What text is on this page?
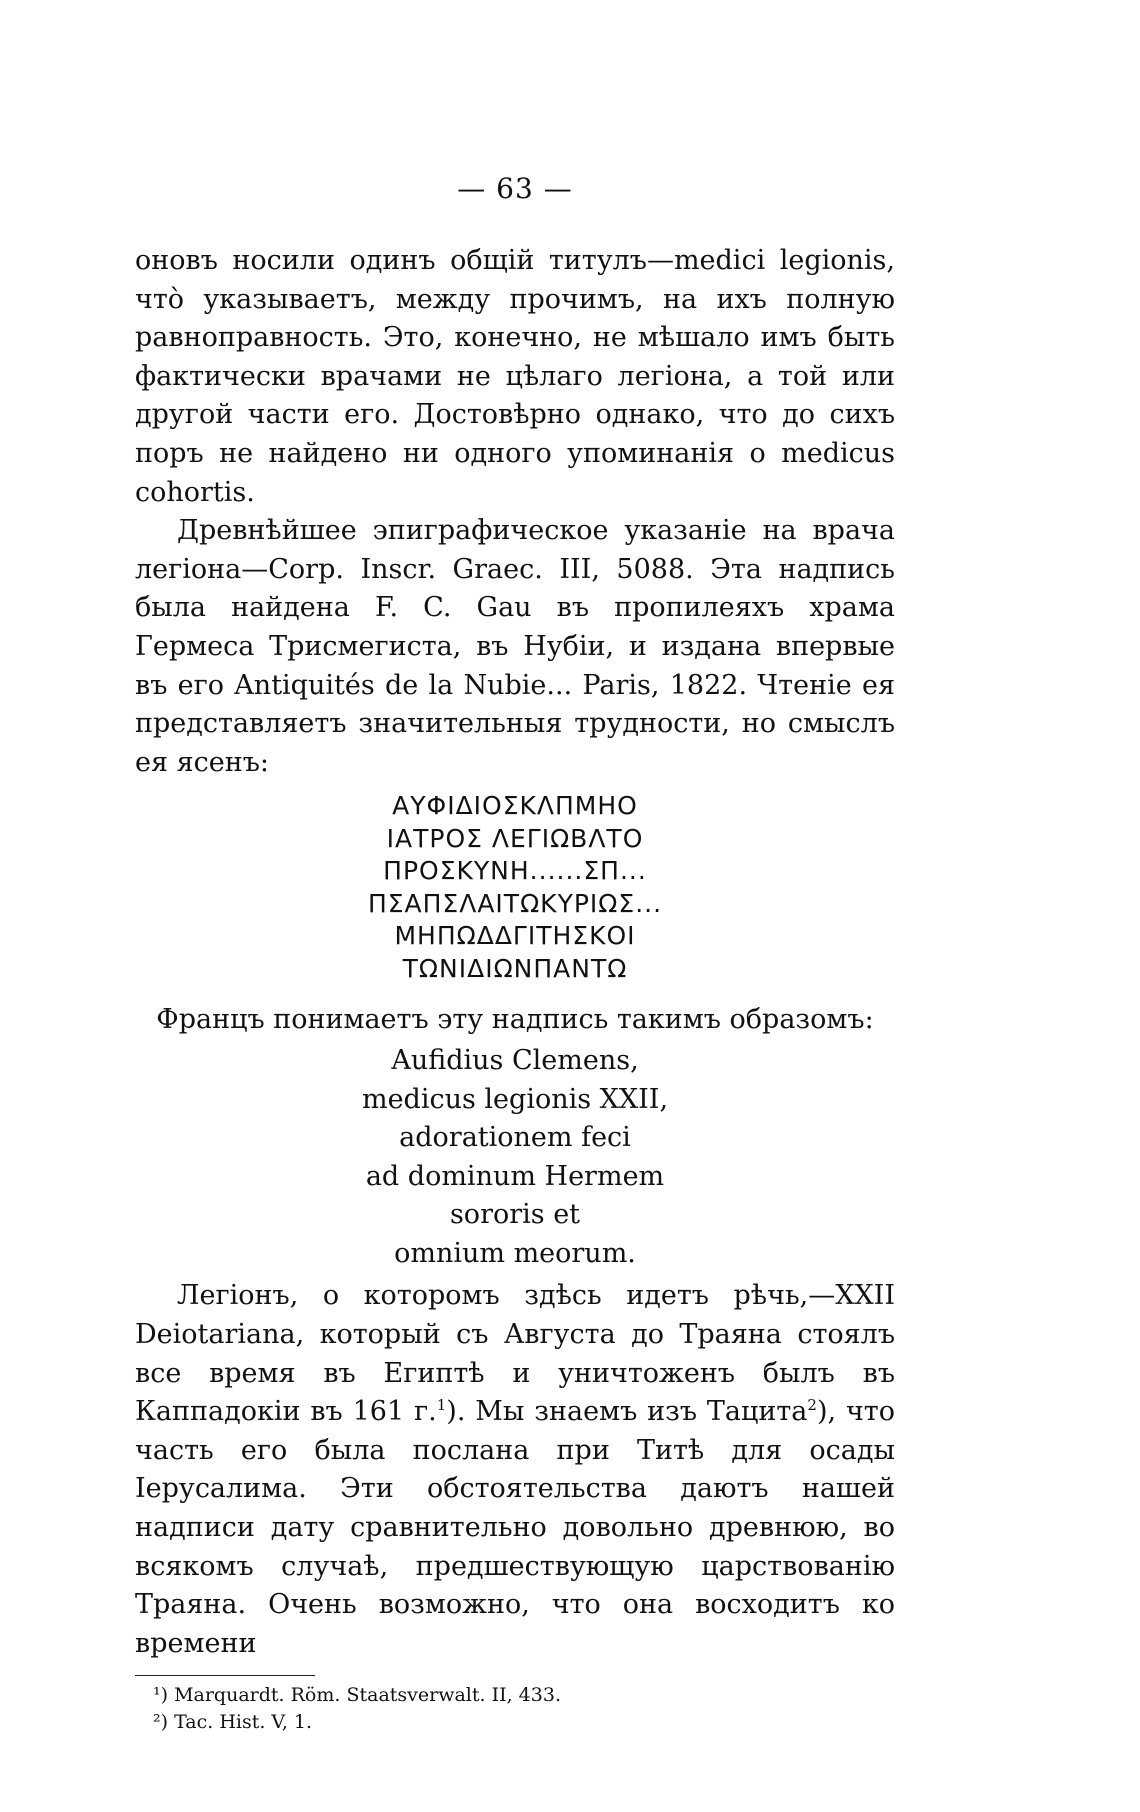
— 63 —

оновъ носили одинъ общій титулъ—medici legionis, что̀ указываетъ, между прочимъ, на ихъ полную равноправность. Это, конечно, не мѣшало имъ быть фактически врачами не цѣлаго легіона, а той или другой части его. Достовѣрно однако, что до сихъ поръ не найдено ни одного упоминанія о medicus cohortis.

Древнѣйшее эпиграфическое указаніе на врача легіона—Corp. Inscr. Graec. III, 5088. Эта надпись была найдена F. C. Gau въ пропилеяхъ храма Гермеса Трисмегиста, въ Нубіи, и издана впервые въ его Antiquités de la Nubie... Paris, 1822. Чтеніе ея представляетъ значительныя трудности, но смыслъ ея ясенъ:

ΑΥΦΙΔΙΟΣΚΛΠΜΗΟ
ΙΑΤΡΟΣ ΛΕΓΙΩΒΛΤΟ
ΠΡΟΣΚΥΝΗ......ΣΠ...
ΠΣΑΠΣΛΑΙΤΩΚΥΡΙΩΣ...
ΜΗΠΩΔΔΓΙΤΗΣΚΟΙ
ΤΩΝΙΔΙΩΝΠΑΝΤΩ
Францъ понимаетъ эту надпись такимъ образомъ:
Aufidius Clemens,
medicus legionis XXII,
adorationem feci
ad dominum Hermem
sororis et
omnium meorum.

Легіонъ, о которомъ здѣсь идетъ рѣчь,—XXII Deiotariana, который съ Августа до Траяна стоялъ все время въ Египтѣ и уничтоженъ былъ въ Каппадокіи въ 161 г.$^1$). Мы знаемъ изъ Тацита$^2$), что часть его была послана при Титѣ для осады Іерусалима. Эти обстоятельства даютъ нашей надписи дату сравнительно довольно древнюю, во всякомъ случаѣ, предшествующую царствованію Траяна. Очень возможно, что она восходитъ ко времени

¹) Marquardt. Röm. Staatsverwalt. II, 433.
²) Tac. Hist. V, 1.
